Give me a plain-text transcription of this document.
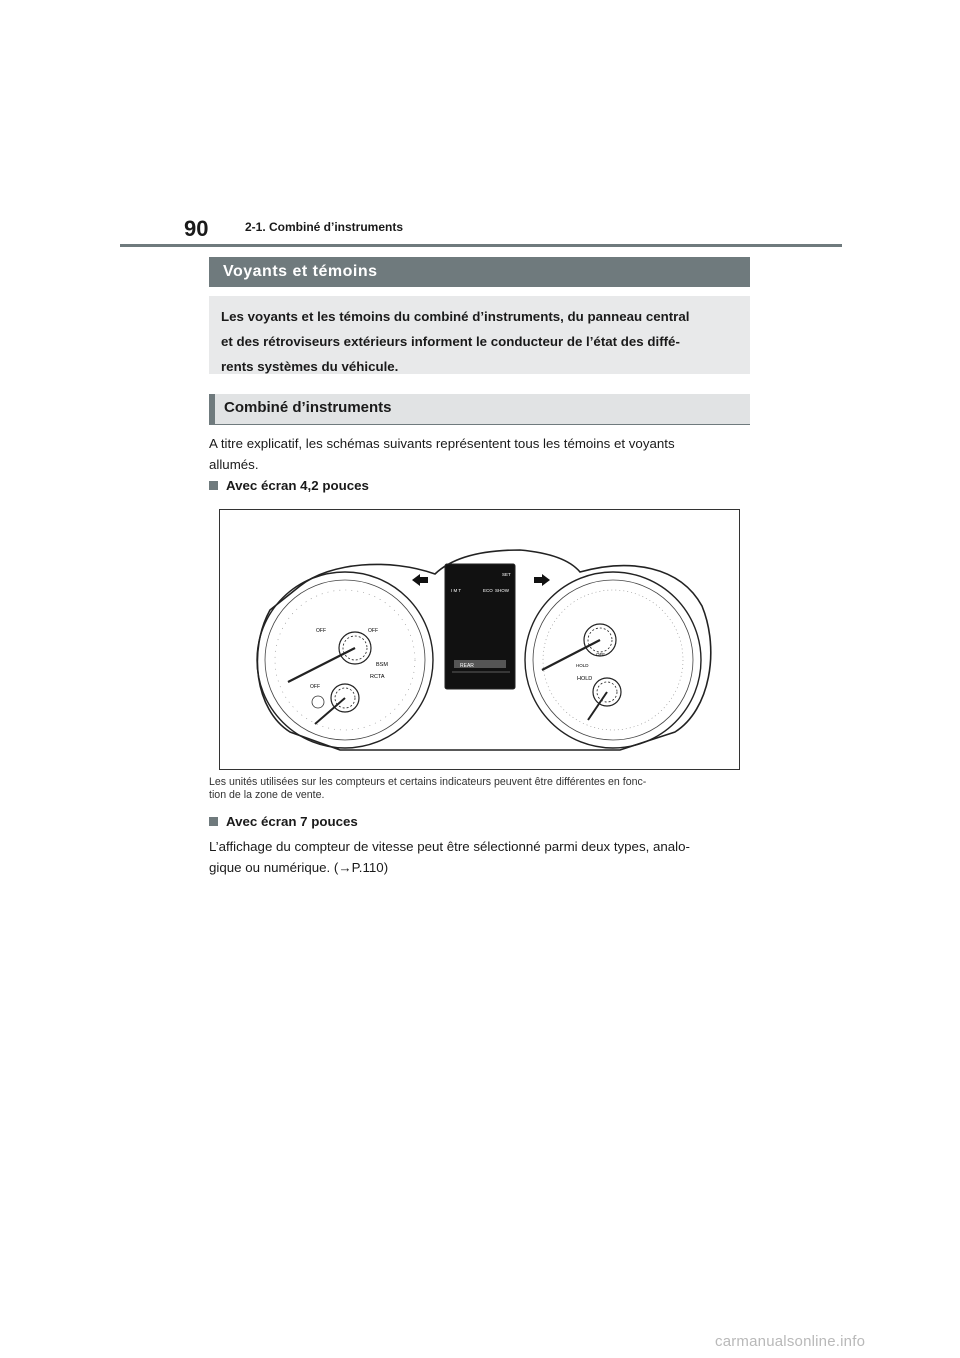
90	2-1. Combiné d’instruments
Voyants et témoins
Les voyants et les témoins du combiné d’instruments, du panneau central
et des rétroviseurs extérieurs informent le conducteur de l’état des diffé-
rents systèmes du véhicule.
Combiné d’instruments
A titre explicatif, les schémas suivants représentent tous les témoins et voyants
allumés.
Avec écran 4,2 pouces
OFF	OFF
OFF
BSM
RCTA
I M T	ECO SHOW
SET
REAR
HOLD
OFF
HOLD
Les unités utilisées sur les compteurs et certains indicateurs peuvent être différentes en fonc-
tion de la zone de vente.
Avec écran 7 pouces
L’affichage du compteur de vitesse peut être sélectionné parmi deux types, analo-
gique ou numérique. (→P.110)
carmanualsonline.info
